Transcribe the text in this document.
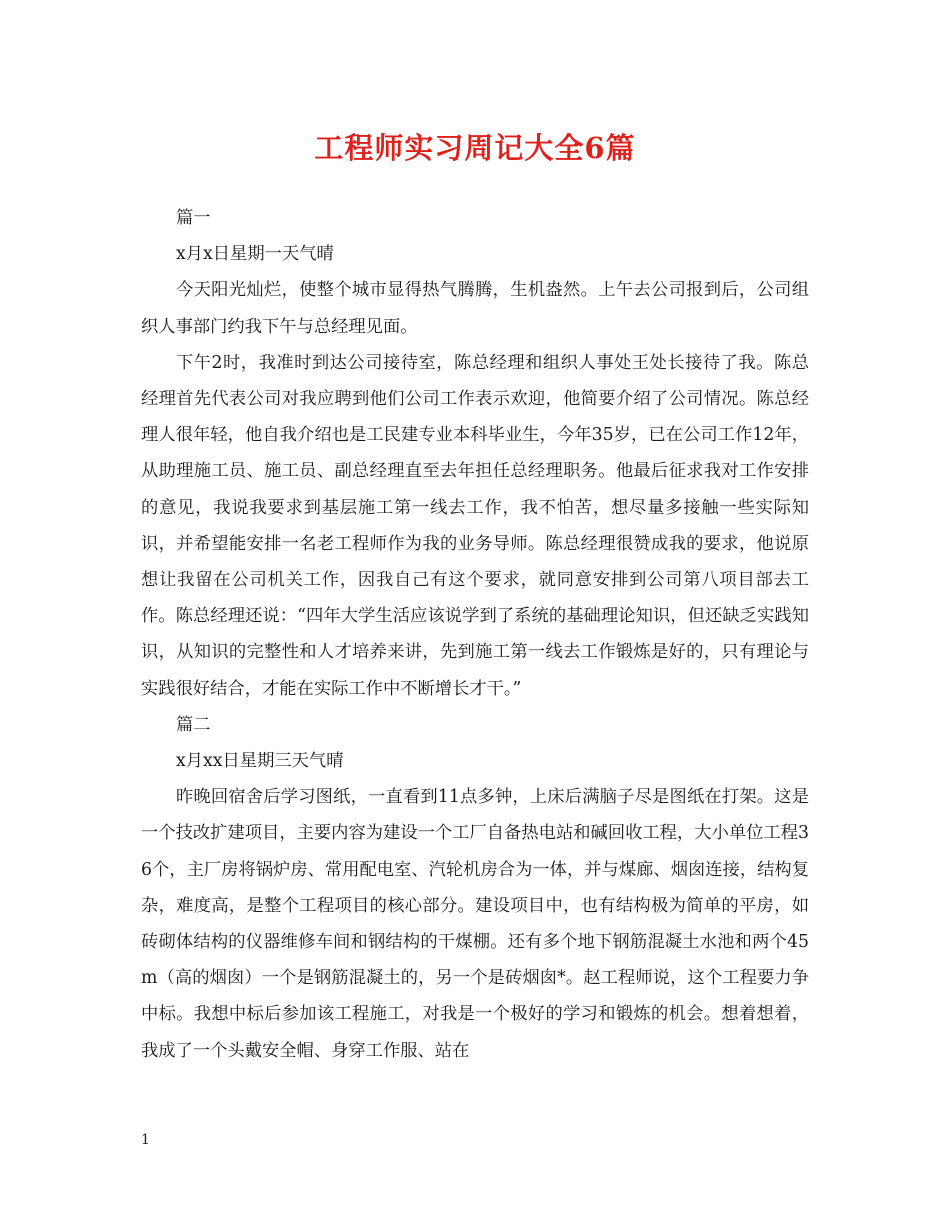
工程师实习周记大全6篇

篇一

x月x日星期一天气晴

今天阳光灿烂，使整个城市显得热气腾腾，生机盎然。上午去公司报到后，公司组织人事部门约我下午与总经理见面。

下午2时，我准时到达公司接待室，陈总经理和组织人事处王处长接待了我。陈总经理首先代表公司对我应聘到他们公司工作表示欢迎，他简要介绍了公司情况。陈总经理人很年轻，他自我介绍也是工民建专业本科毕业生，今年35岁，已在公司工作12年，从助理施工员、施工员、副总经理直至去年担任总经理职务。他最后征求我对工作安排的意见，我说我要求到基层施工第一线去工作，我不怕苦，想尽量多接触一些实际知识，并希望能安排一名老工程师作为我的业务导师。陈总经理很赞成我的要求，他说原想让我留在公司机关工作，因我自己有这个要求，就同意安排到公司第八项目部去工作。陈总经理还说：“四年大学生活应该说学到了系统的基础理论知识，但还缺乏实践知识，从知识的完整性和人才培养来讲，先到施工第一线去工作锻炼是好的，只有理论与实践很好结合，才能在实际工作中不断增长才干。”

篇二

x月xx日星期三天气晴

昨晚回宿舍后学习图纸，一直看到11点多钟，上床后满脑子尽是图纸在打架。这是一个技改扩建项目，主要内容为建设一个工厂自备热电站和碱回收工程，大小单位工程36个，主厂房将锅炉房、常用配电室、汽轮机房合为一体，并与煤廊、烟囱连接，结构复杂，难度高，是整个工程项目的核心部分。建设项目中，也有结构极为简单的平房，如砖砌体结构的仪器维修车间和钢结构的干煤棚。还有多个地下钢筋混凝土水池和两个45m（高的烟囱）一个是钢筋混凝土的，另一个是砖烟囱*。赵工程师说，这个工程要力争中标。我想中标后参加该工程施工，对我是一个极好的学习和锻炼的机会。想着想着，我成了一个头戴安全帽、身穿工作服、站在

1
